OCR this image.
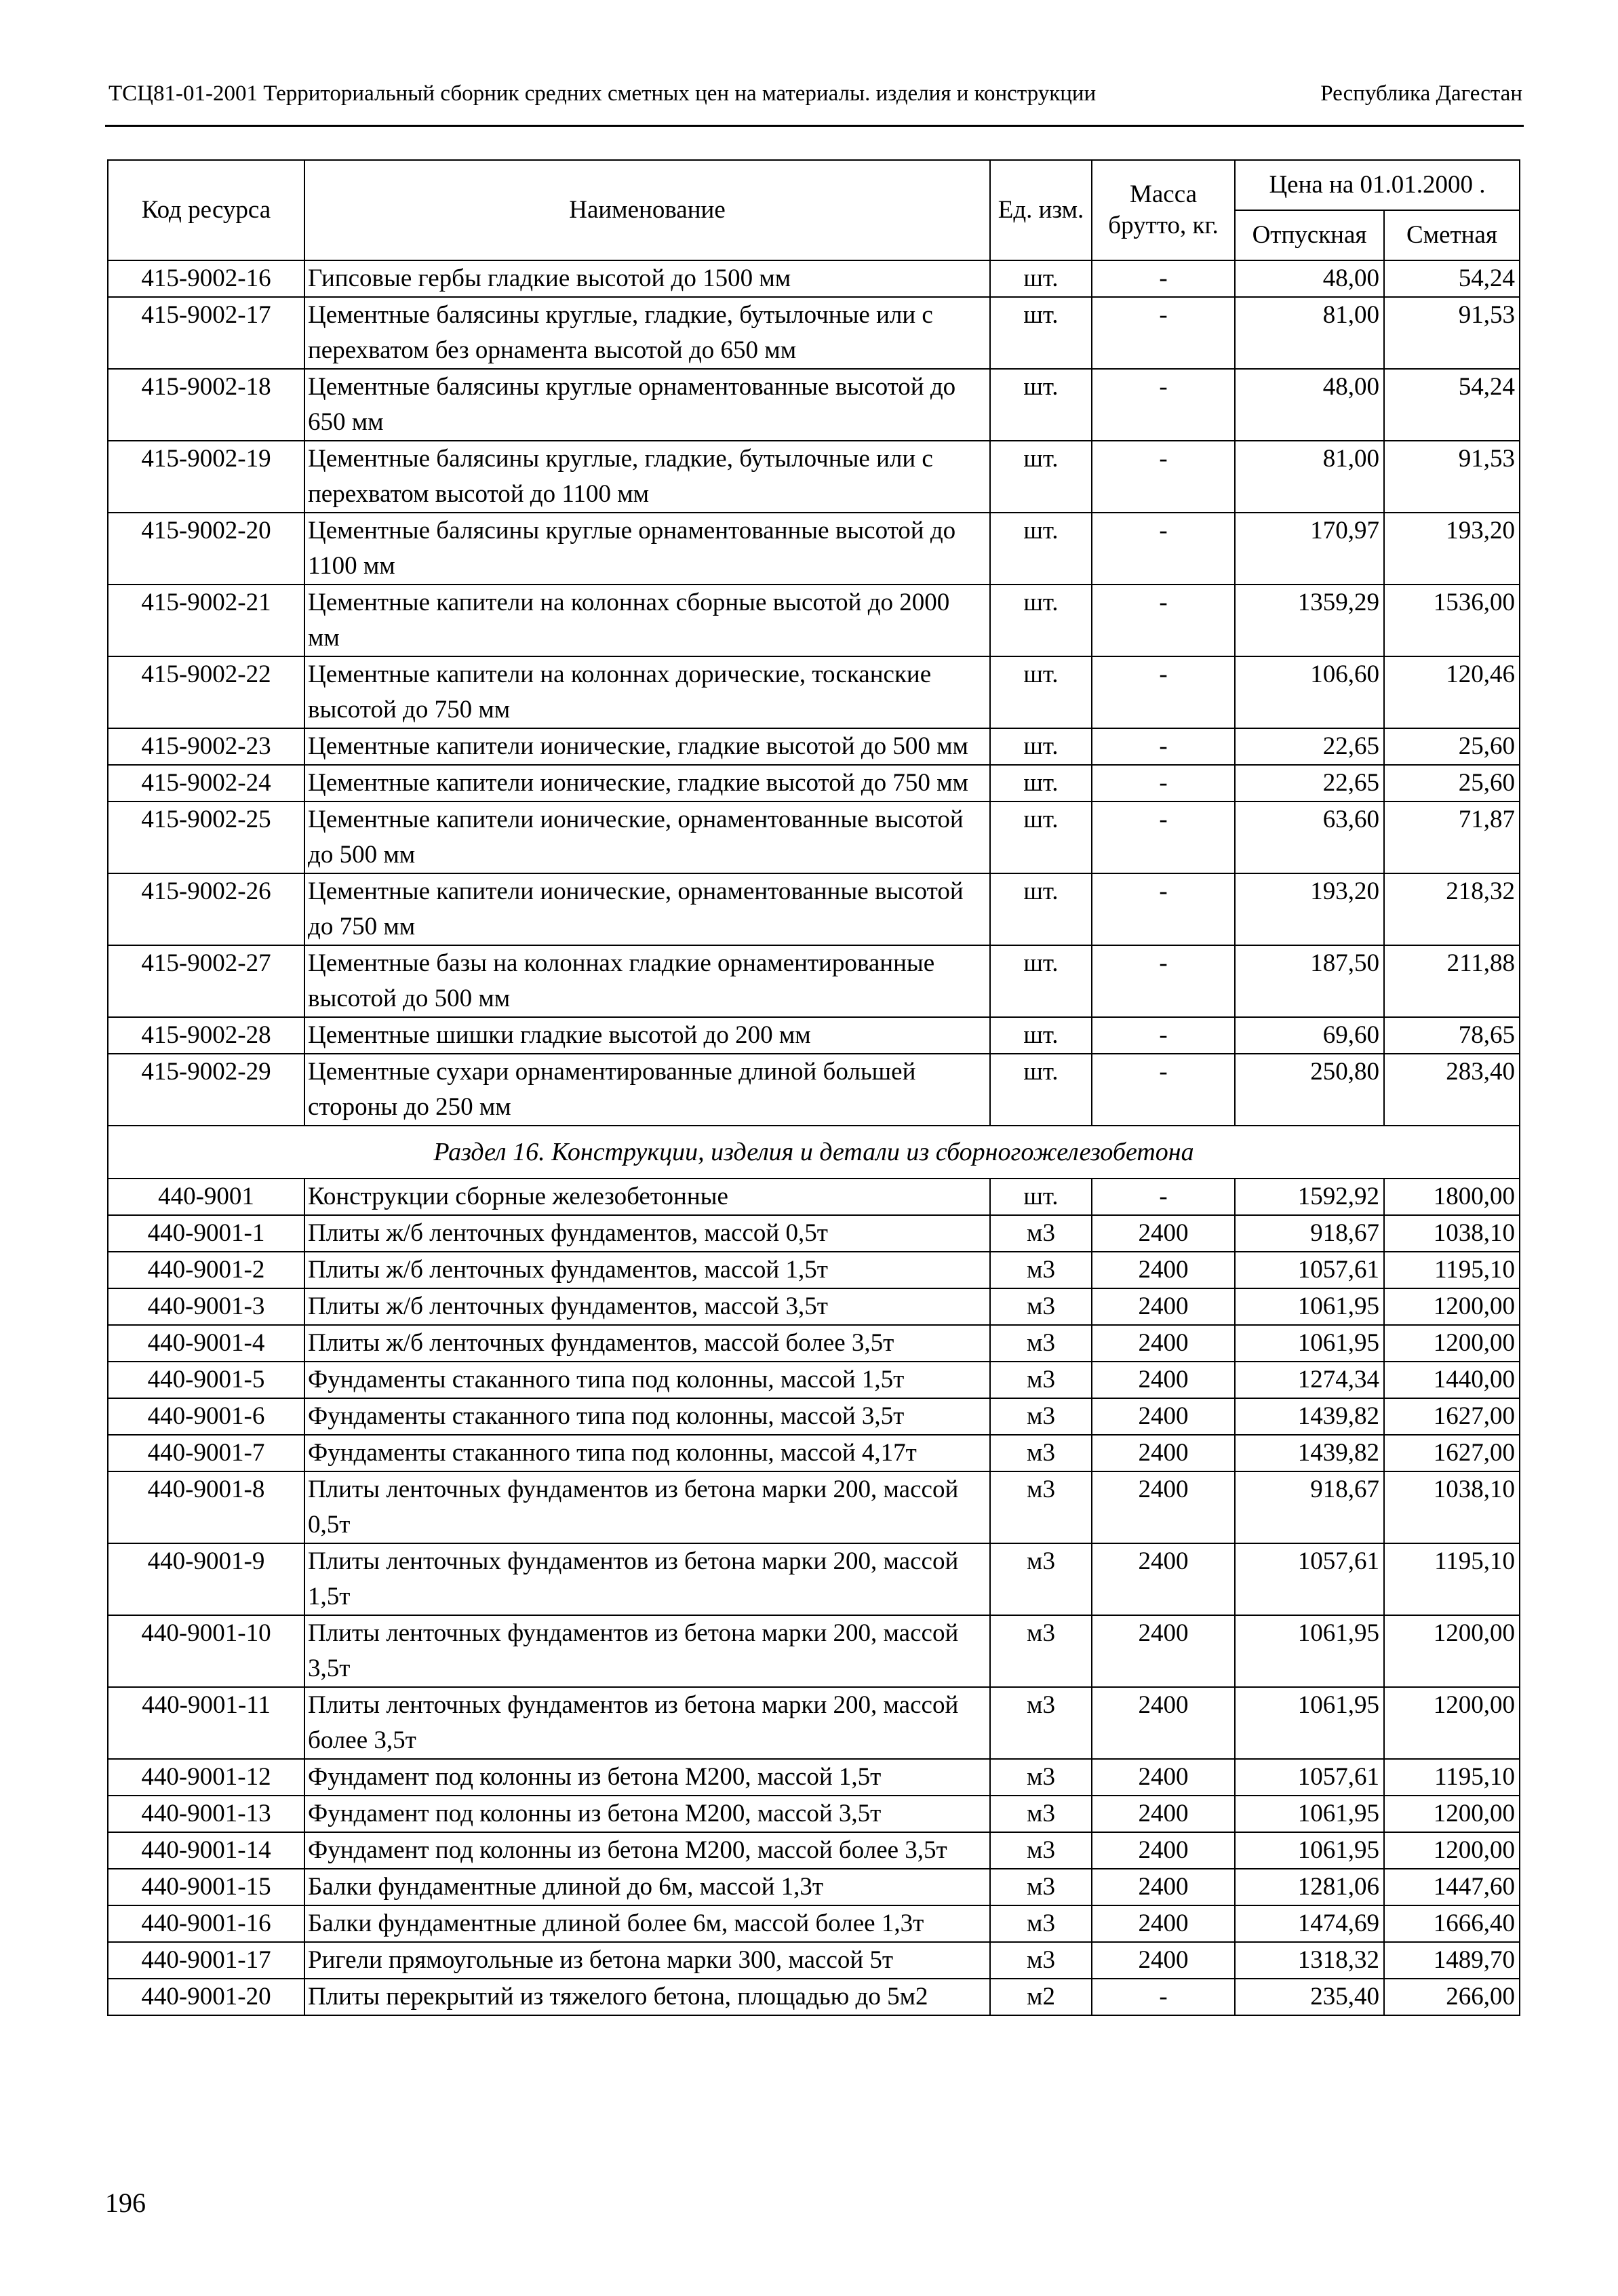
ТСЦ81-01-2001 Территориальный сборник средних сметных цен на материалы. изделия и конструкции	Республика Дагестан
Код ресурса	Наименование	Ед. изм.	Масса брутто, кг.	Цена на 01.01.2000 .	
				Отпускная	Сметная
415-9002-16	Гипсовые гербы гладкие высотой до 1500 мм	шт.	-	48,00	54,24
415-9002-17	Цементные балясины круглые, гладкие, бутылочные или с перехватом без орнамента высотой до 650 мм	шт.	-	81,00	91,53
415-9002-18	Цементные балясины круглые орнаментованные высотой до 650 мм	шт.	-	48,00	54,24
415-9002-19	Цементные балясины круглые, гладкие, бутылочные или с перехватом высотой до 1100 мм	шт.	-	81,00	91,53
415-9002-20	Цементные балясины круглые орнаментованные высотой до 1100 мм	шт.	-	170,97	193,20
415-9002-21	Цементные капители на колоннах сборные высотой до 2000 мм	шт.	-	1359,29	1536,00
415-9002-22	Цементные капители на колоннах дорические, тосканские высотой до 750 мм	шт.	-	106,60	120,46
415-9002-23	Цементные капители ионические, гладкие высотой до 500 мм	шт.	-	22,65	25,60
415-9002-24	Цементные капители ионические, гладкие высотой до 750 мм	шт.	-	22,65	25,60
415-9002-25	Цементные капители ионические, орнаментованные высотой до 500 мм	шт.	-	63,60	71,87
415-9002-26	Цементные капители ионические, орнаментованные высотой до 750 мм	шт.	-	193,20	218,32
415-9002-27	Цементные базы на колоннах гладкие орнаментированные высотой до 500 мм	шт.	-	187,50	211,88
415-9002-28	Цементные шишки гладкие высотой до 200 мм	шт.	-	69,60	78,65
415-9002-29	Цементные сухари орнаментированные длиной большей стороны до 250 мм	шт.	-	250,80	283,40
Раздел 16. Конструкции, изделия и детали из сборногожелезобетона					
440-9001	Конструкции сборные железобетонные	шт.	-	1592,92	1800,00
440-9001-1	Плиты ж/б ленточных фундаментов, массой 0,5т	м3	2400	918,67	1038,10
440-9001-2	Плиты ж/б ленточных фундаментов, массой 1,5т	м3	2400	1057,61	1195,10
440-9001-3	Плиты ж/б ленточных фундаментов, массой 3,5т	м3	2400	1061,95	1200,00
440-9001-4	Плиты ж/б ленточных фундаментов, массой более 3,5т	м3	2400	1061,95	1200,00
440-9001-5	Фундаменты стаканного типа под колонны, массой 1,5т	м3	2400	1274,34	1440,00
440-9001-6	Фундаменты стаканного типа под колонны, массой 3,5т	м3	2400	1439,82	1627,00
440-9001-7	Фундаменты стаканного типа под колонны, массой 4,17т	м3	2400	1439,82	1627,00
440-9001-8	Плиты ленточных фундаментов из бетона марки 200, массой 0,5т	м3	2400	918,67	1038,10
440-9001-9	Плиты ленточных фундаментов из бетона марки 200, массой 1,5т	м3	2400	1057,61	1195,10
440-9001-10	Плиты ленточных фундаментов из бетона марки 200, массой 3,5т	м3	2400	1061,95	1200,00
440-9001-11	Плиты ленточных фундаментов из бетона марки 200, массой более 3,5т	м3	2400	1061,95	1200,00
440-9001-12	Фундамент под колонны из бетона М200, массой 1,5т	м3	2400	1057,61	1195,10
440-9001-13	Фундамент под колонны из бетона М200, массой 3,5т	м3	2400	1061,95	1200,00
440-9001-14	Фундамент под колонны из бетона М200, массой более 3,5т	м3	2400	1061,95	1200,00
440-9001-15	Балки фундаментные длиной до 6м, массой 1,3т	м3	2400	1281,06	1447,60
440-9001-16	Балки фундаментные длиной более 6м, массой более 1,3т	м3	2400	1474,69	1666,40
440-9001-17	Ригели прямоугольные из бетона марки 300, массой 5т	м3	2400	1318,32	1489,70
440-9001-20	Плиты перекрытий из тяжелого бетона, площадью до 5м2	м2	-	235,40	266,00
196
